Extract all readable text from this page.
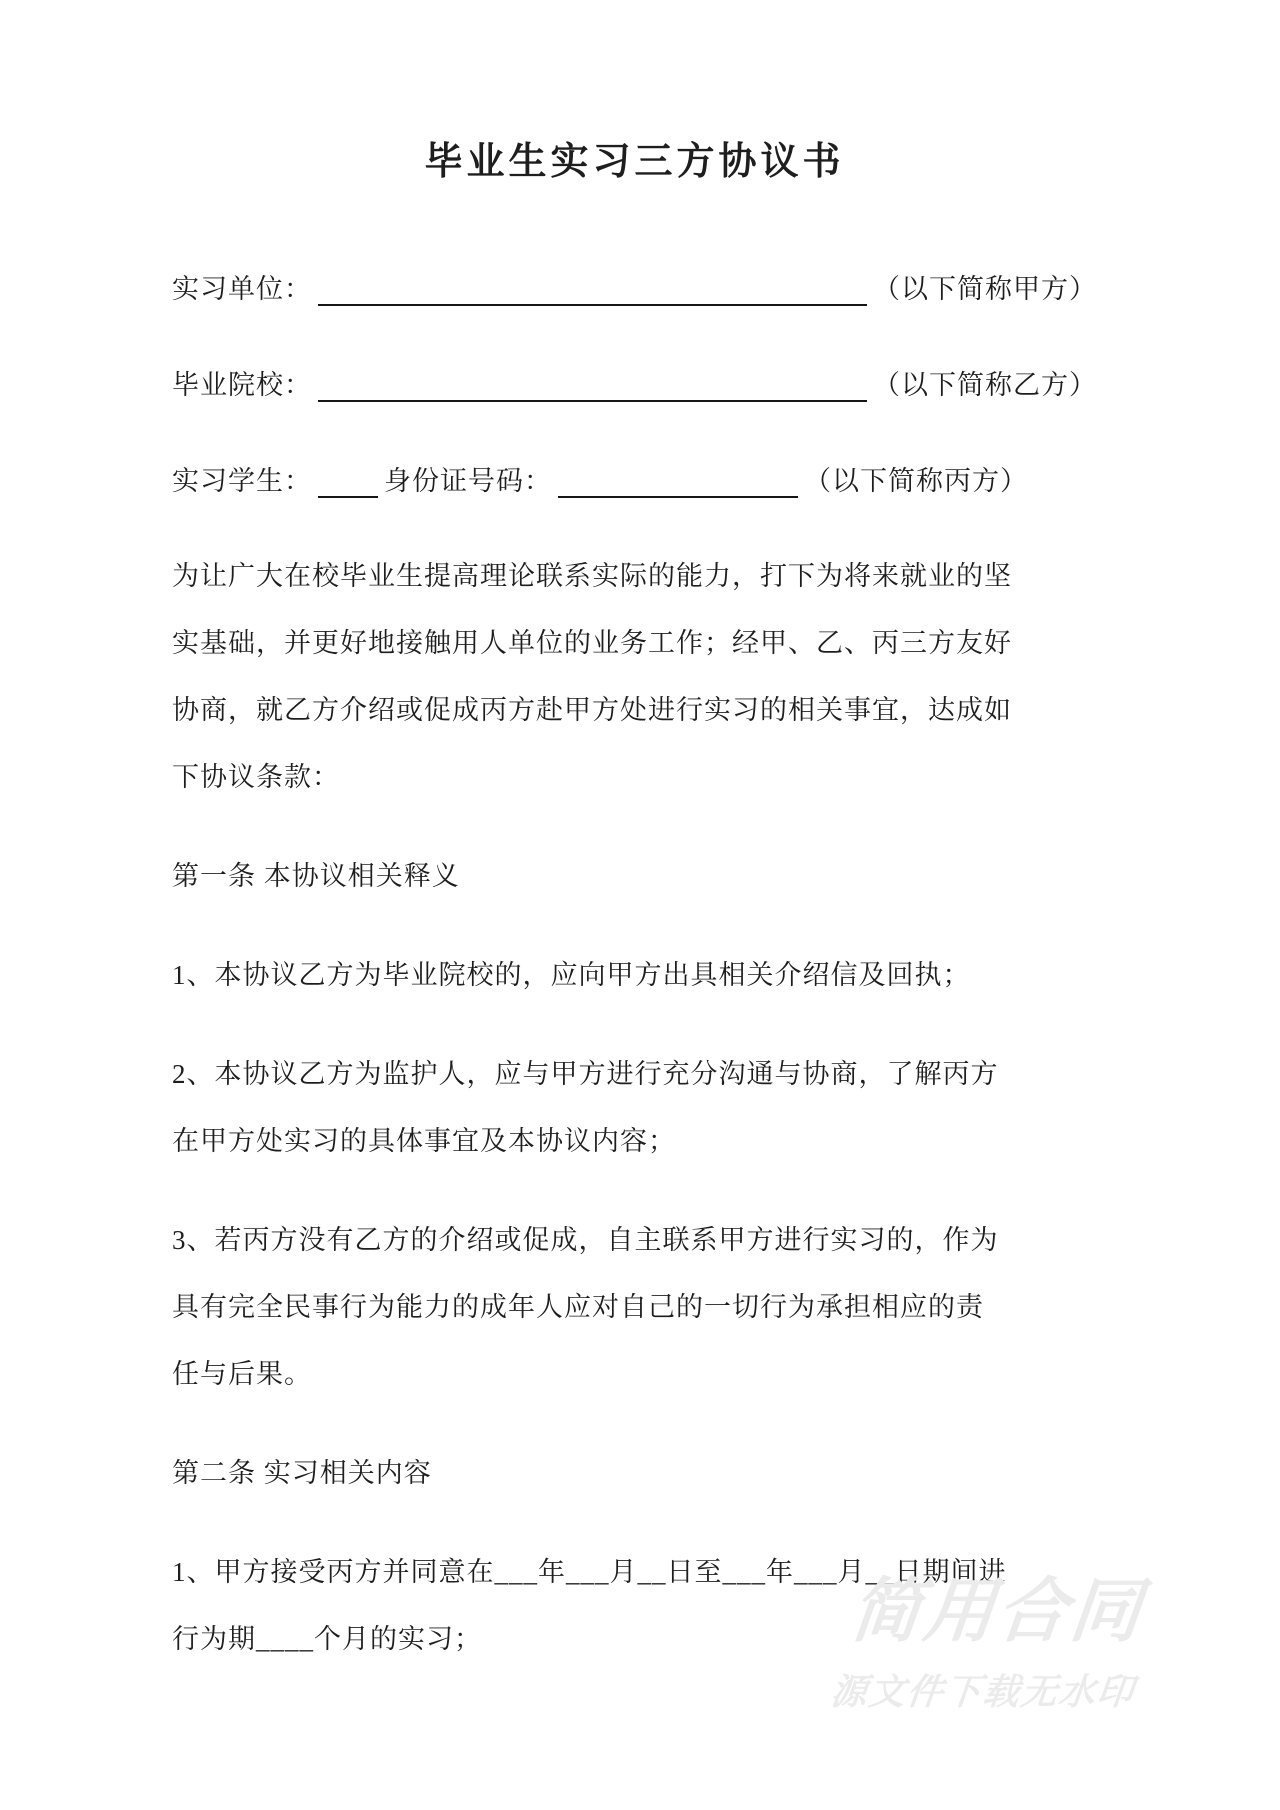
毕业生实习三方协议书
实习单位：	（以下简称甲方）
毕业院校：	（以下简称乙方）
实习学生：	身份证号码：	（以下简称丙方）
为让广大在校毕业生提高理论联系实际的能力，打下为将来就业的坚
实基础，并更好地接触用人单位的业务工作；经甲、乙、丙三方友好
协商，就乙方介绍或促成丙方赴甲方处进行实习的相关事宜，达成如
下协议条款：
第一条 本协议相关释义
1、本协议乙方为毕业院校的，应向甲方出具相关介绍信及回执；
2、本协议乙方为监护人，应与甲方进行充分沟通与协商，了解丙方
在甲方处实习的具体事宜及本协议内容；
3、若丙方没有乙方的介绍或促成，自主联系甲方进行实习的，作为
具有完全民事行为能力的成年人应对自己的一切行为承担相应的责
任与后果。
第二条 实习相关内容
1、甲方接受丙方并同意在___年___月__日至___年___月__日期间进
行为期____个月的实习；	简用合同
源文件下载无水印
